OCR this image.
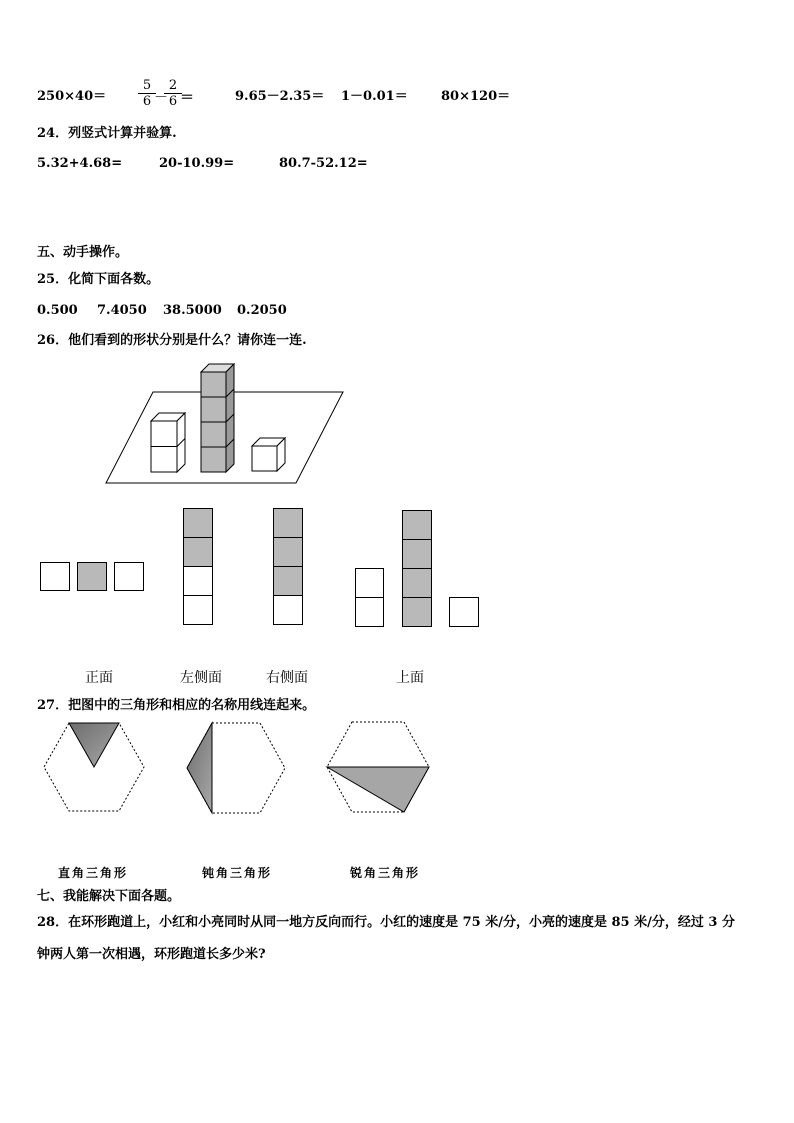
$250\times 40= \frac{5}{6}$
－
$\frac{2}{6}$
＝	9.65－2.35＝ 1－0.01＝	80×120＝
24．列竖式计算并验算.
5.32+4.68=	20-10.99=	80.7-52.12=
五、动手操作。
25．化简下面各数。
0.500 7.4050 38.5000 0.2050
26．他们看到的形状分别是什么？请你连一连.
正面	左侧面	右侧面	上面
27．把图中的三角形和相应的名称用线连起来。
直角三角形	钝角三角形	锐角三角形
七、我能解决下面各题。
28．在环形跑道上，小红和小亮同时从同一地方反向而行。小红的速度是 75 米/分，小亮的速度是 85 米/分，经过 3 分
钟两人第一次相遇，环形跑道长多少米?
